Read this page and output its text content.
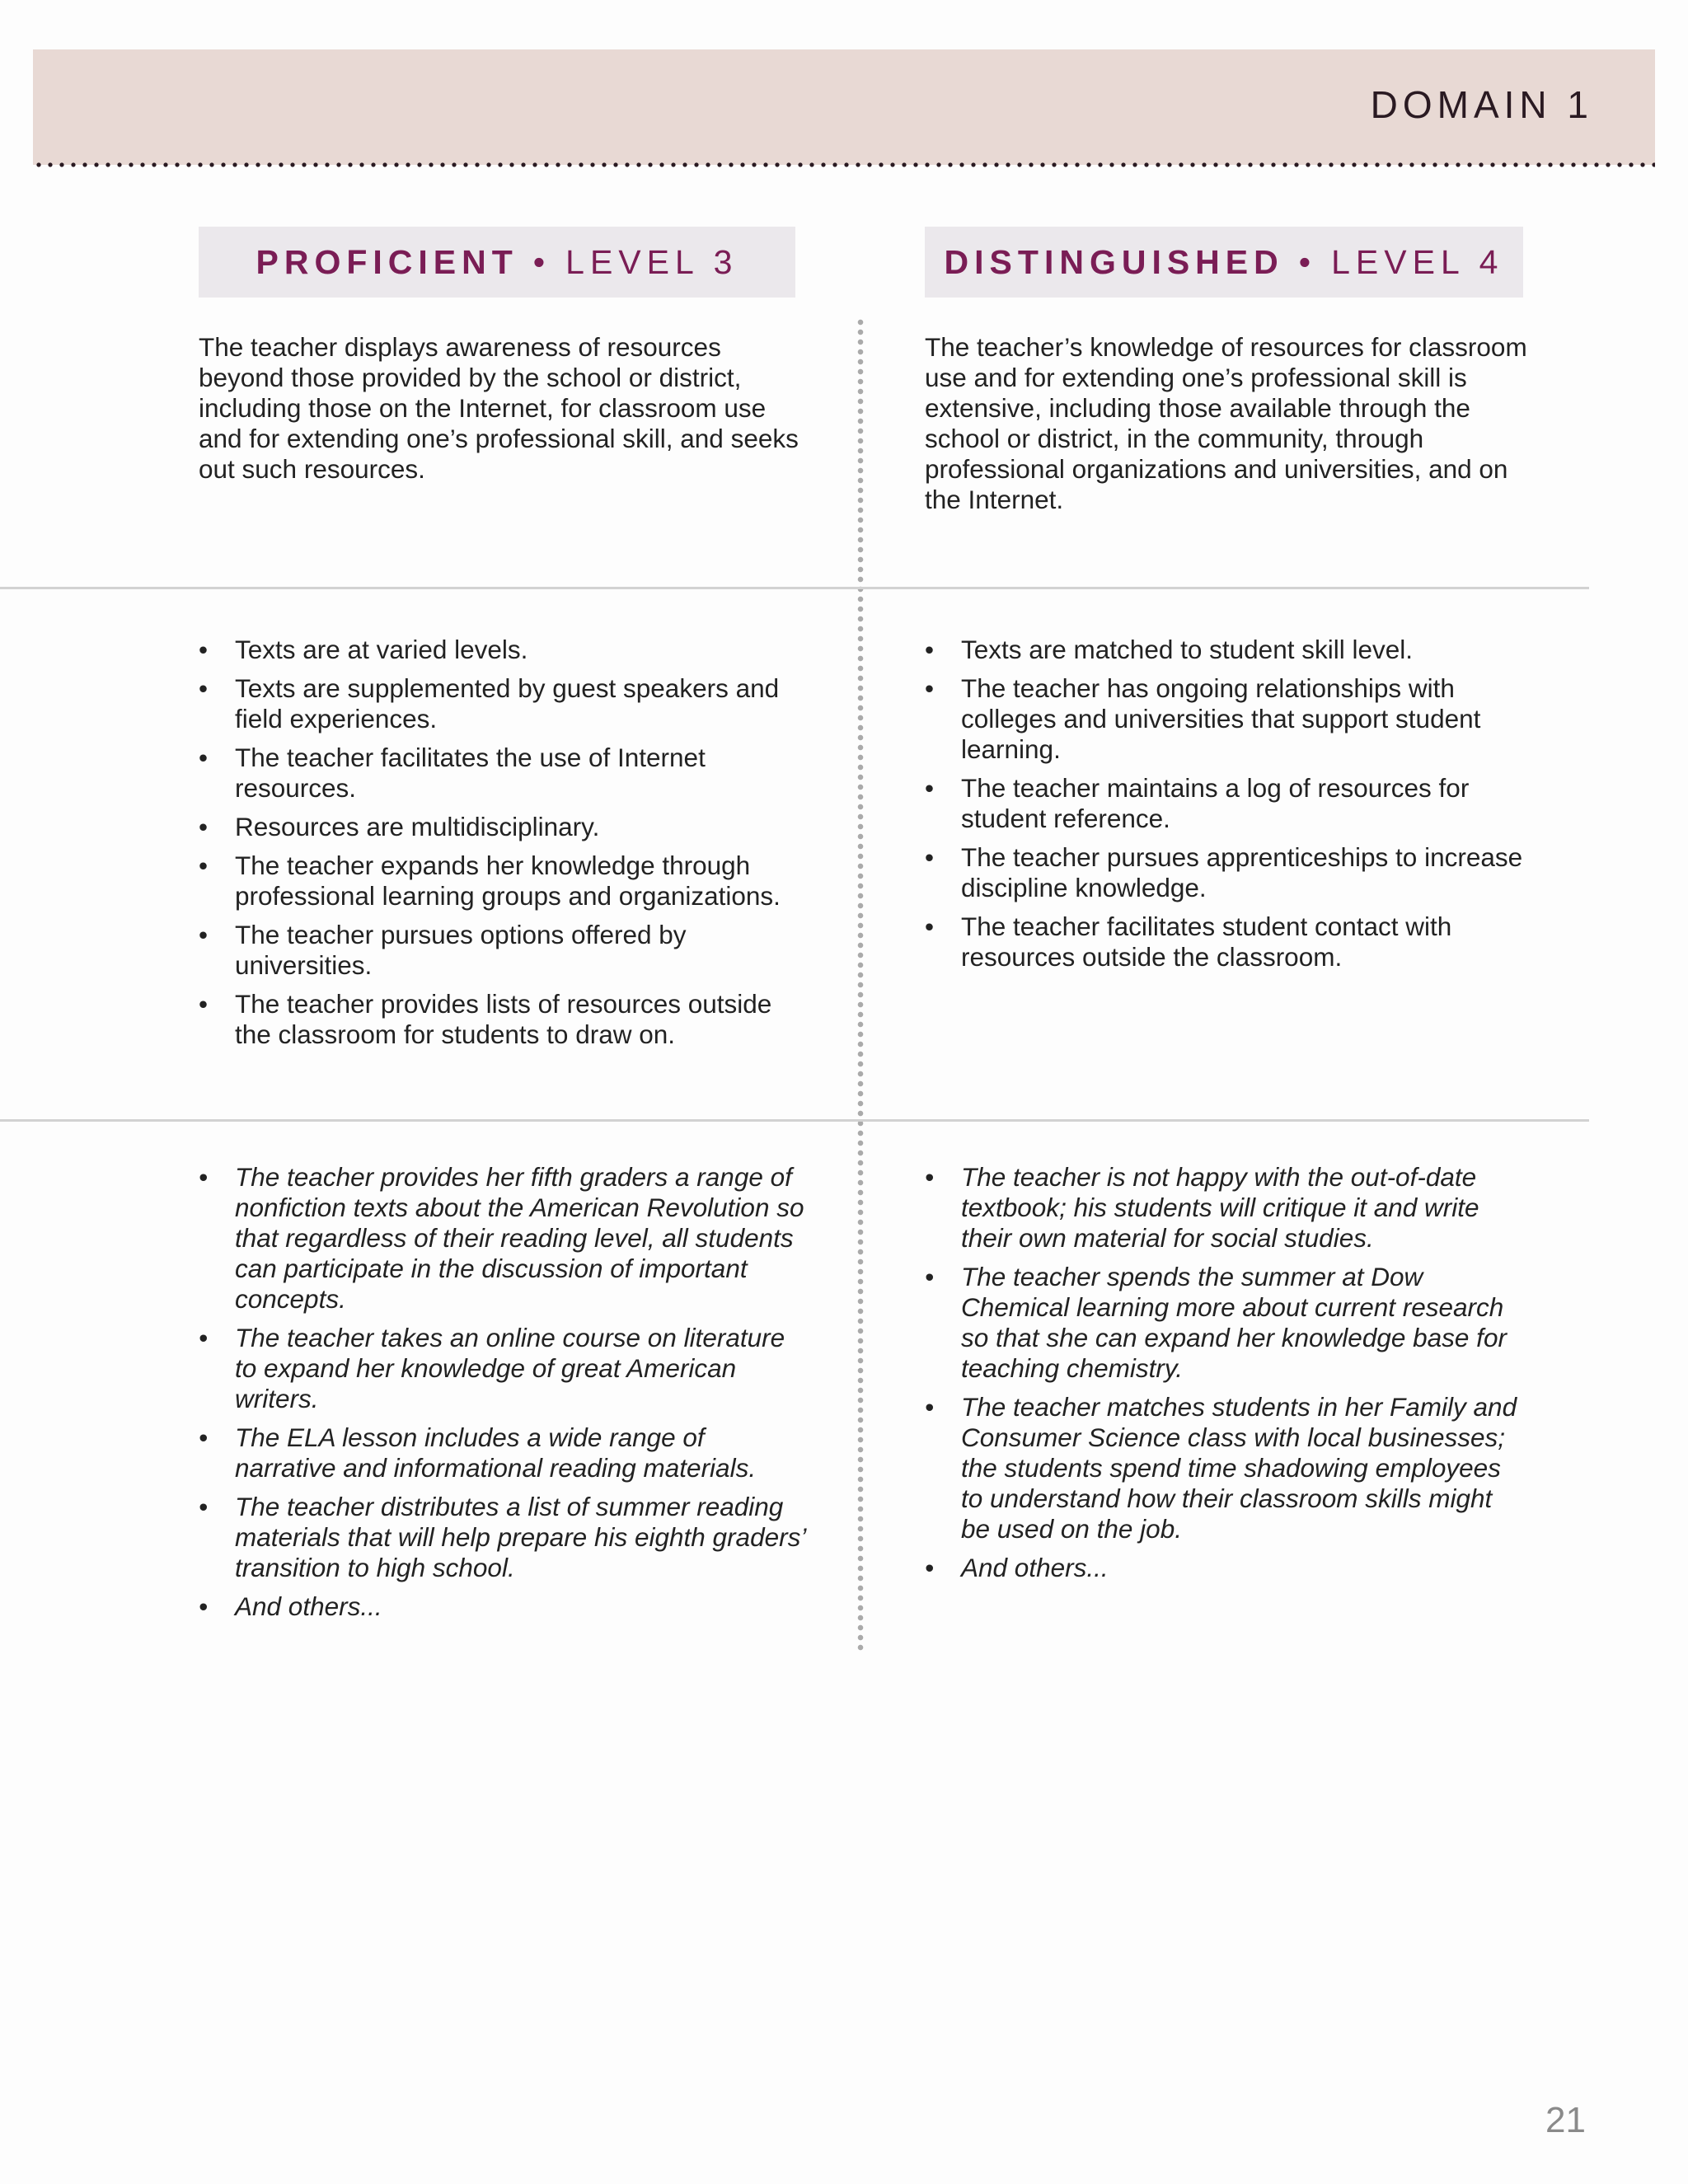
DOMAIN 1
PROFICIENT • LEVEL 3	DISTINGUISHED • LEVEL 4

The teacher displays awareness of resources beyond those provided by the school or district, including those on the Internet, for classroom use and for extending one’s professional skill, and seeks out such resources.

The teacher’s knowledge of resources for classroom use and for extending one’s professional skill is extensive, including those available through the school or district, in the community, through professional organizations and universities, and on the Internet.

• Texts are at varied levels.
• Texts are supplemented by guest speakers and field experiences.
• The teacher facilitates the use of Internet resources.
• Resources are multidisciplinary.
• The teacher expands her knowledge through professional learning groups and organizations.
• The teacher pursues options offered by universities.
• The teacher provides lists of resources outside the classroom for students to draw on.
• Texts are matched to student skill level.
• The teacher has ongoing relationships with colleges and universities that support student learning.
• The teacher maintains a log of resources for student reference.
• The teacher pursues apprenticeships to increase discipline knowledge.
• The teacher facilitates student contact with resources outside the classroom.
• The teacher provides her fifth graders a range of nonfiction texts about the American Revolution so that regardless of their reading level, all students can participate in the discussion of important concepts.
• The teacher takes an online course on literature to expand her knowledge of great American writers.
• The ELA lesson includes a wide range of narrative and informational reading materials.
• The teacher distributes a list of summer reading materials that will help prepare his eighth graders’ transition to high school.
• And others...
• The teacher is not happy with the out-of-date textbook; his students will critique it and write their own material for social studies.
• The teacher spends the summer at Dow Chemical learning more about current research so that she can expand her knowledge base for teaching chemistry.
• The teacher matches students in her Family and Consumer Science class with local businesses; the students spend time shadowing employees to understand how their classroom skills might be used on the job.
• And others...
21
